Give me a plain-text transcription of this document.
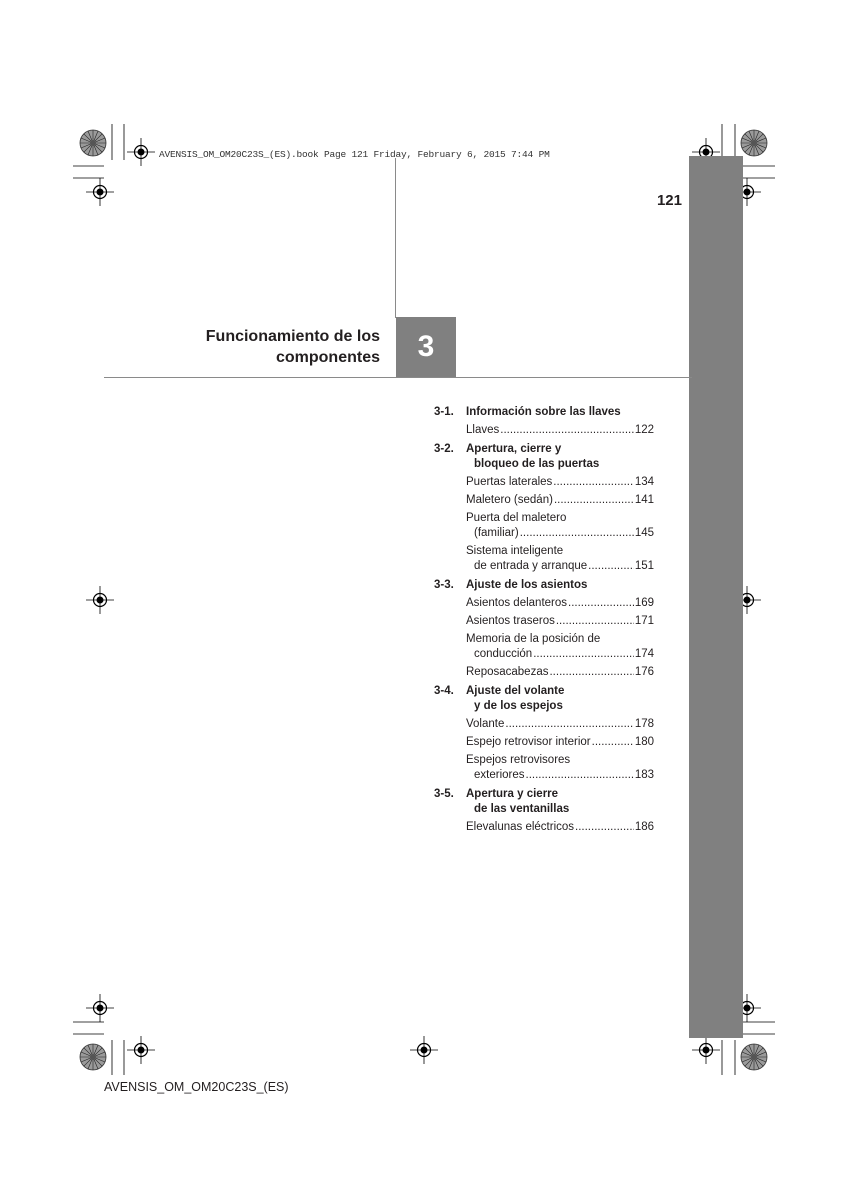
AVENSIS_OM_OM20C23S_(ES).book Page 121 Friday, February 6, 2015 7:44 PM
121
Funcionamiento de los
componentes	3
3-1. Información sobre las llaves
Llaves .....	122
3-2. Apertura, cierre y
bloqueo de las puertas
Puertas laterales .....	134
Maletero (sedán) .....	141
Puerta del maletero
(familiar) .....	145
Sistema inteligente
de entrada y arranque .....	151
3-3. Ajuste de los asientos
Asientos delanteros .....	169
Asientos traseros .....	171
Memoria de la posición de
conducción .....	174
Reposacabezas .....	176
3-4. Ajuste del volante
y de los espejos
Volante .....	178
Espejo retrovisor interior .....	180
Espejos retrovisores
exteriores .....	183
3-5. Apertura y cierre
de las ventanillas
Elevalunas eléctricos .....	186
AVENSIS_OM_OM20C23S_(ES)
